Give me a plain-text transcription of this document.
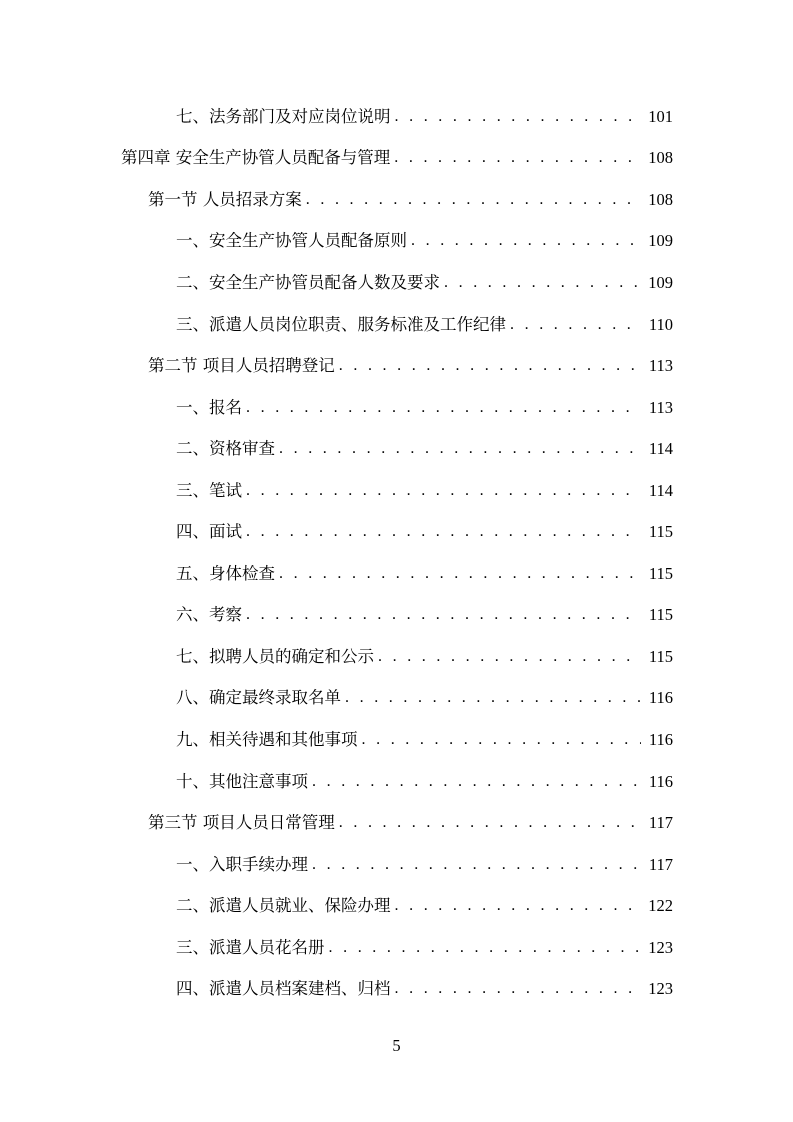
七、法务部门及对应岗位说明 . . .	101
第四章 安全生产协管人员配备与管理 . . .	108
第一节 人员招录方案 . . .	108
一、安全生产协管人员配备原则 . . .	109
二、安全生产协管员配备人数及要求 . . .	109
三、派遣人员岗位职责、服务标准及工作纪律 . . .	110
第二节 项目人员招聘登记 . . .	113
一、报名 . . .	113
二、资格审查 . . .	114
三、笔试 . . .	114
四、面试 . . .	115
五、身体检查 . . .	115
六、考察 . . .	115
七、拟聘人员的确定和公示 . . .	115
八、确定最终录取名单 . . .	116
九、相关待遇和其他事项 . . .	116
十、其他注意事项 . . .	116
第三节 项目人员日常管理 . . .	117
一、入职手续办理 . . .	117
二、派遣人员就业、保险办理 . . .	122
三、派遣人员花名册 . . .	123
四、派遣人员档案建档、归档 . . .	123
5
